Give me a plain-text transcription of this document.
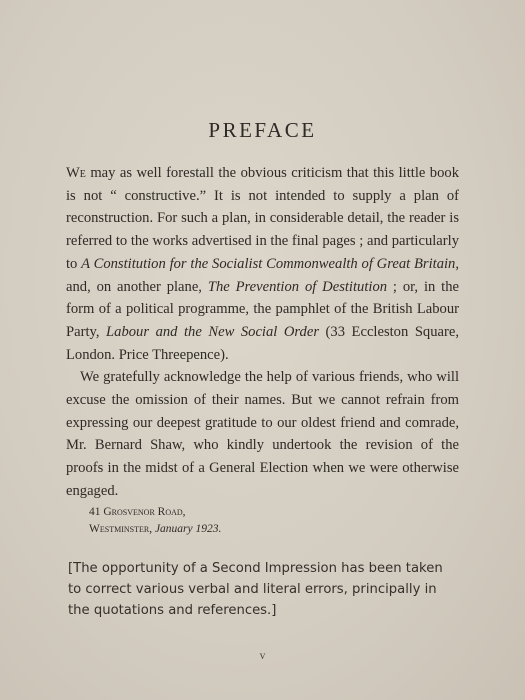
PREFACE

We may as well forestall the obvious criticism that this little book is not “ constructive.” It is not intended to supply a plan of reconstruction. For such a plan, in considerable detail, the reader is referred to the works advertised in the final pages ; and particularly to A Constitution for the Socialist Commonwealth of Great Britain, and, on another plane, The Prevention of Destitution ; or, in the form of a political programme, the pamphlet of the British Labour Party, Labour and the New Social Order (33 Eccleston Square, London. Price Threepence).

We gratefully acknowledge the help of various friends, who will excuse the omission of their names. But we cannot refrain from expressing our deepest gratitude to our oldest friend and comrade, Mr. Bernard Shaw, who kindly undertook the revision of the proofs in the midst of a General Election when we were otherwise engaged.

41 Grosvenor Road,
Westminster, January 1923.
[The opportunity of a Second Impression has been taken to correct various verbal and literal errors, principally in the quotations and references.]
v
